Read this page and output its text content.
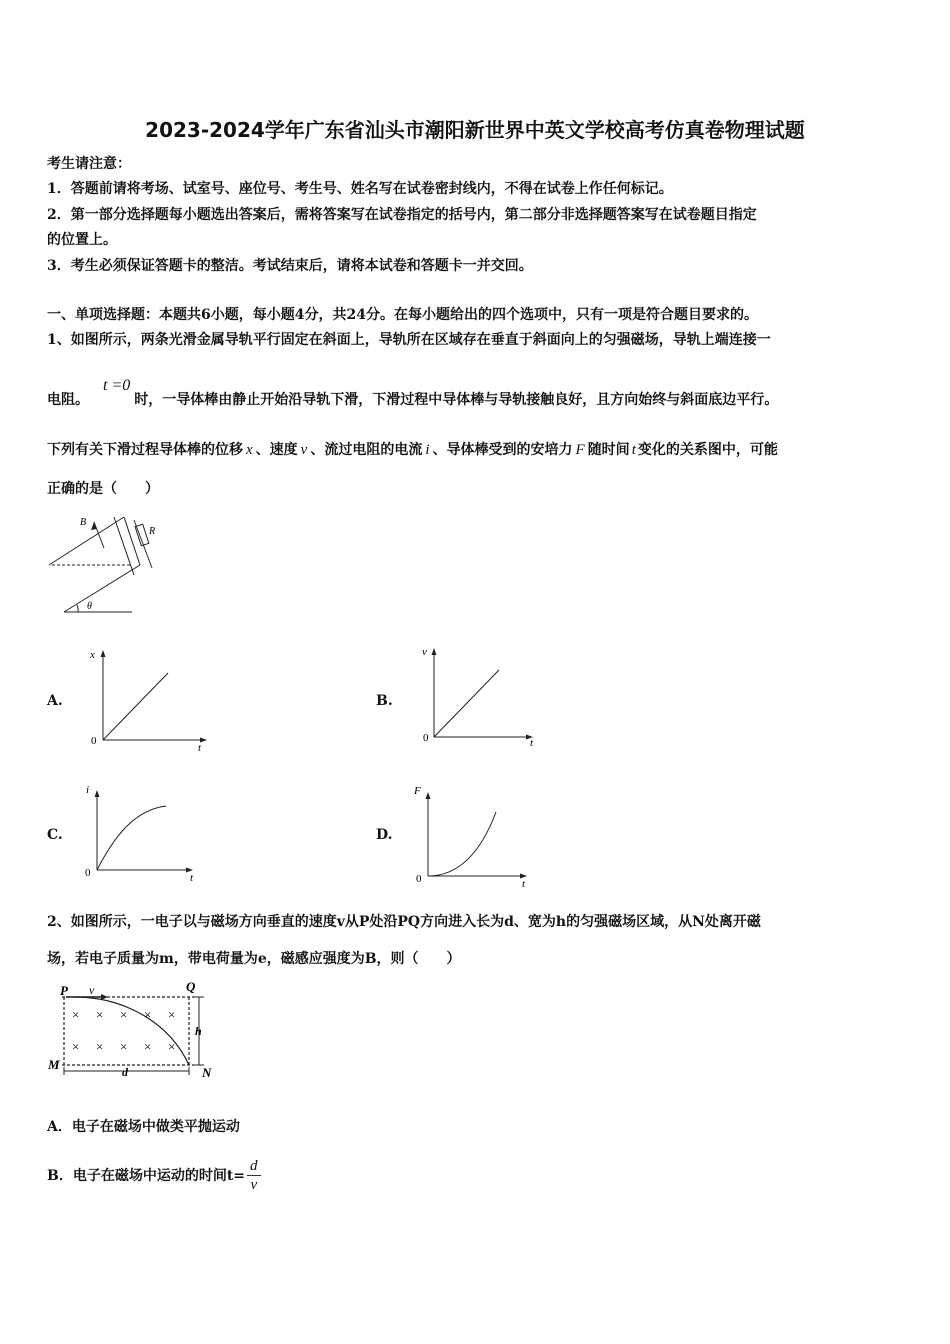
2023-2024学年广东省汕头市潮阳新世界中英文学校高考仿真卷物理试题
考生请注意：
1．答题前请将考场、试室号、座位号、考生号、姓名写在试卷密封线内，不得在试卷上作任何标记。
2．第一部分选择题每小题选出答案后，需将答案写在试卷指定的括号内，第二部分非选择题答案写在试卷题目指定
的位置上。
3．考生必须保证答题卡的整洁。考试结束后，请将本试卷和答题卡一并交回。
一、单项选择题：本题共6小题，每小题4分，共24分。在每小题给出的四个选项中，只有一项是符合题目要求的。
1、如图所示，两条光滑金属导轨平行固定在斜面上，导轨所在区域存在垂直于斜面向上的匀强磁场，导轨上端连接一
电阻。t =0时，一导体棒由静止开始沿导轨下滑，下滑过程中导体棒与导轨接触良好，且方向始终与斜面底边平行。
下列有关下滑过程导体棒的位移 x 、速度 v 、流过电阻的电流 i 、导体棒受到的安培力 F 随时间 t 变化的关系图中，可能
正确的是（　　）
B
R
θ
A.
x
t
0
B.
v
t
0
C.
i
t
0
D.
F
t
0
2、如图所示，一电子以与磁场方向垂直的速度v从P处沿PQ方向进入长为d、宽为h的匀强磁场区域，从N处离开磁
场，若电子质量为m，带电荷量为e，磁感应强度为B，则（　　）
P v	Q
M
N
h
d
× × × × ×
× × × × ×
A．电子在磁场中做类平抛运动
B．电子在磁场中运动的时间$t= \frac{d}{v}$
